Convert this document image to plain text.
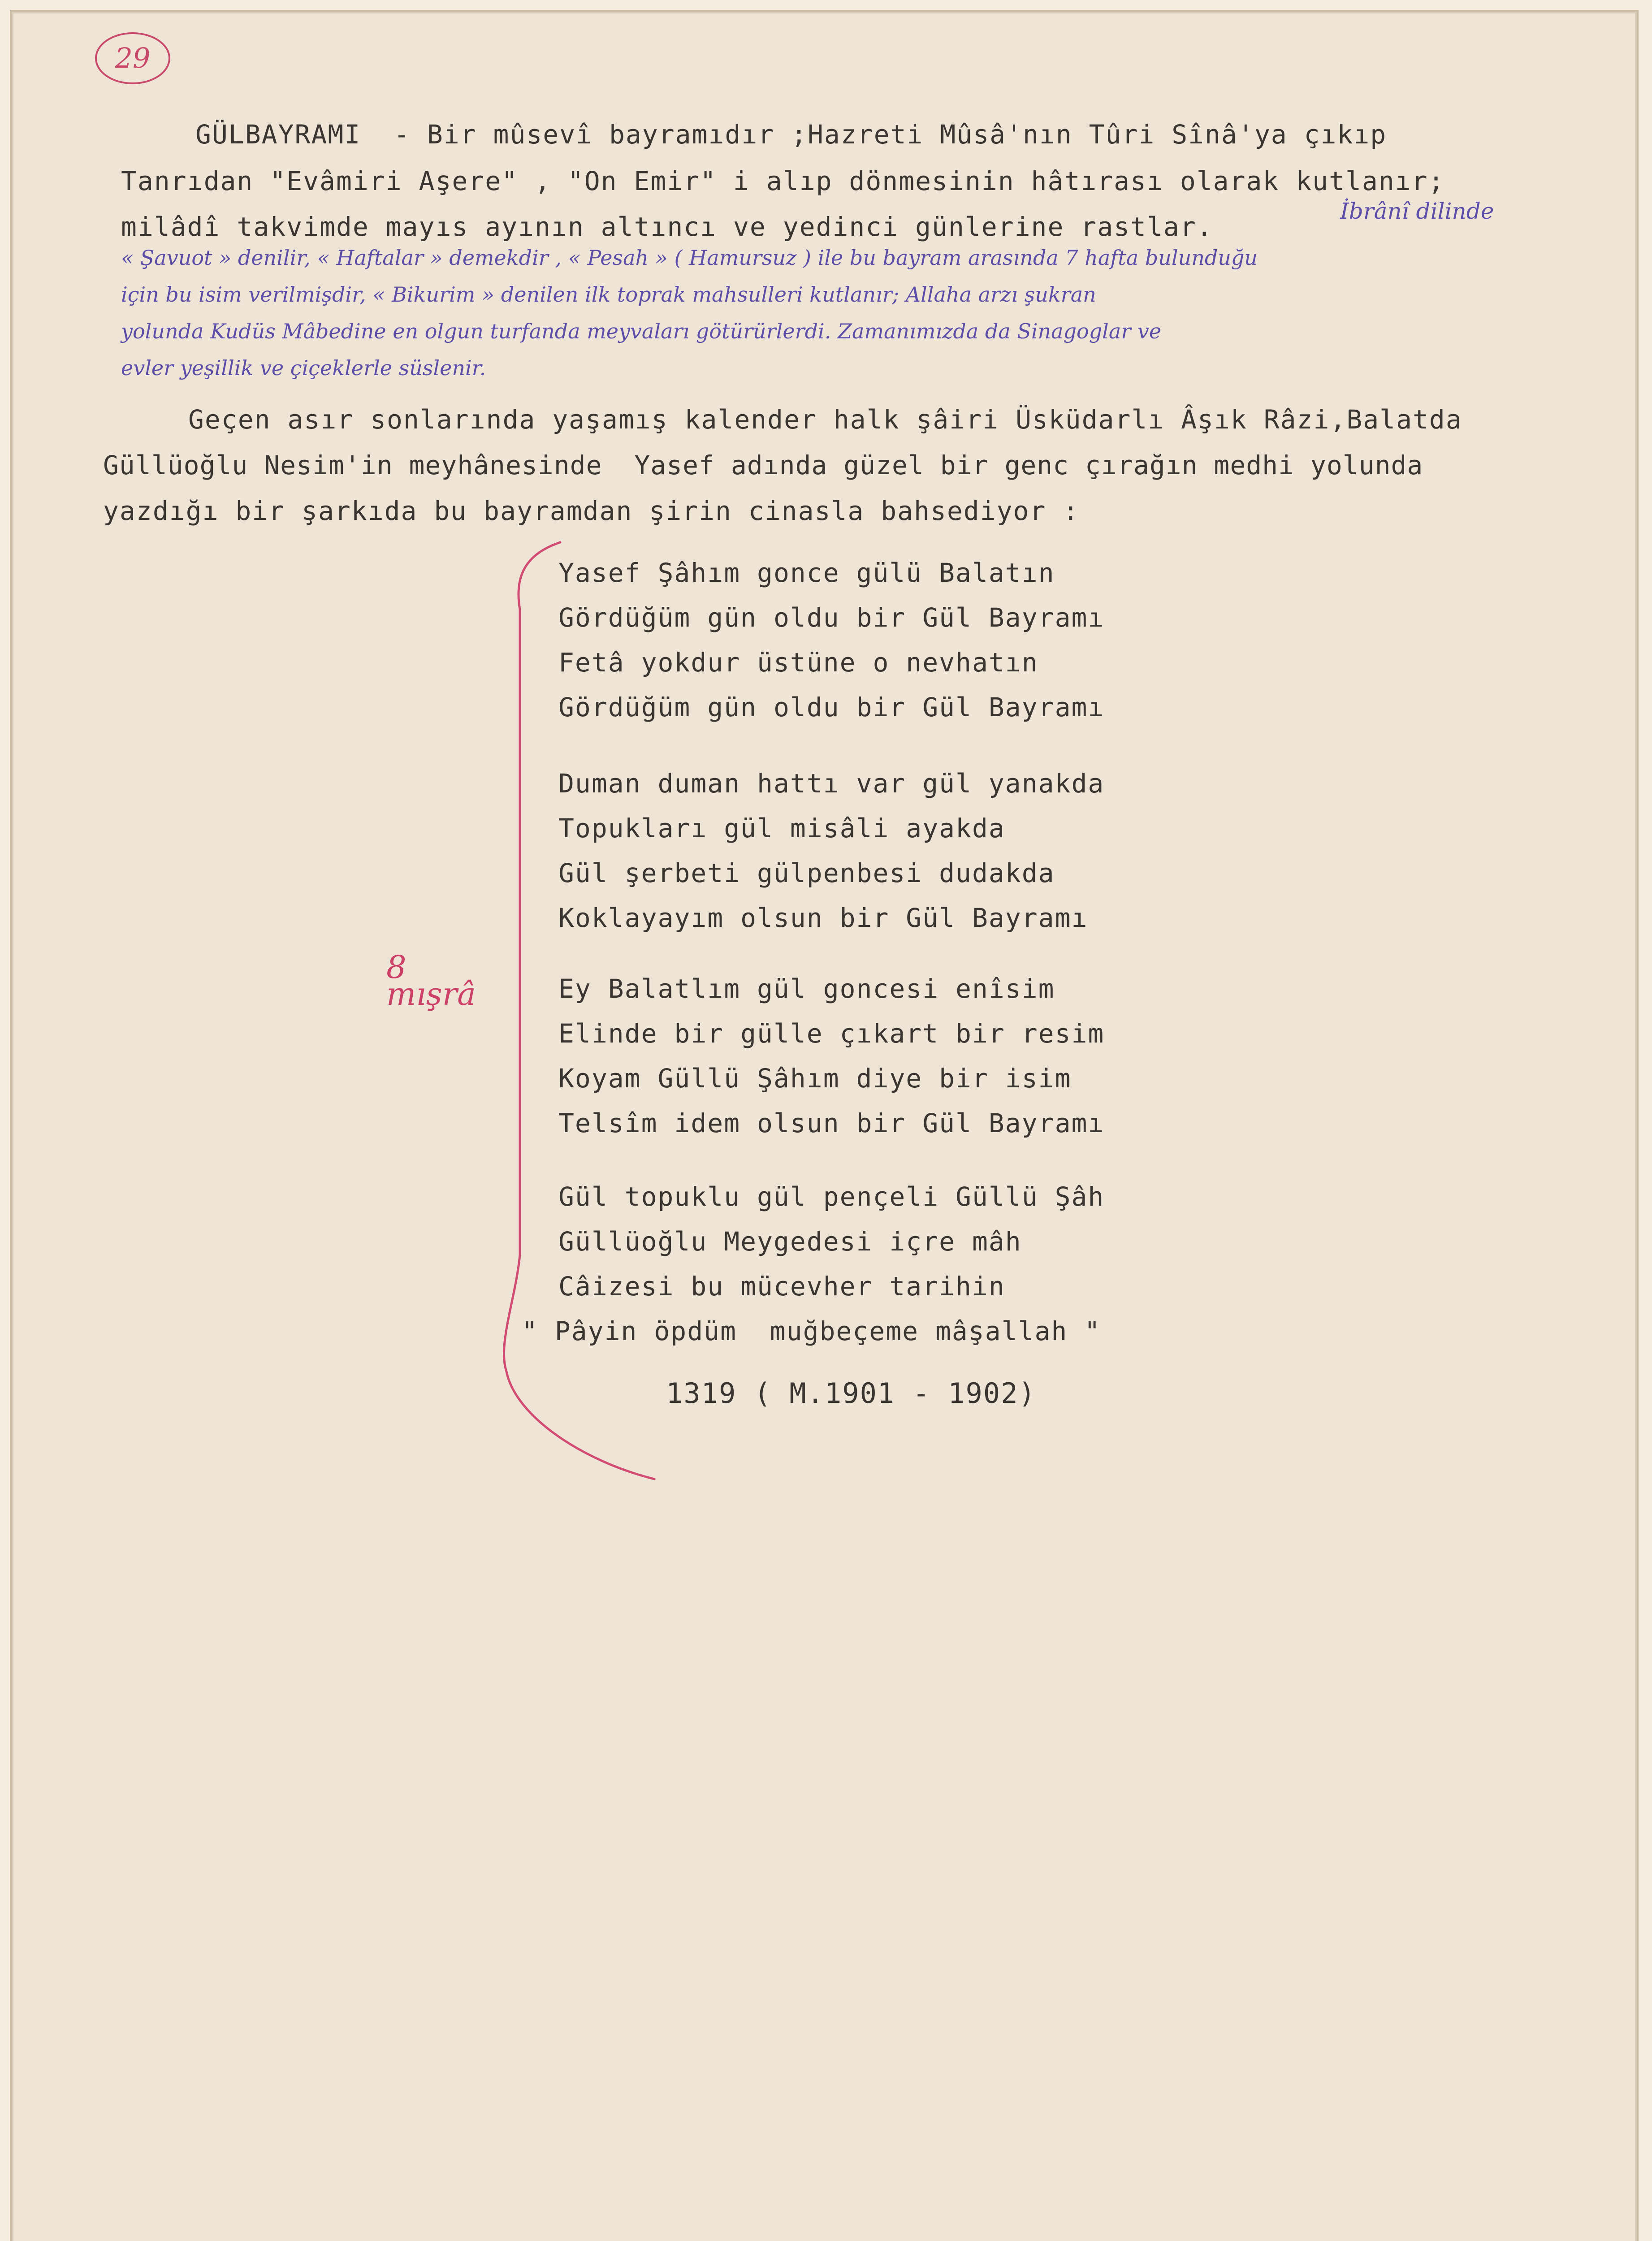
29
GÜLBAYRAMI  - Bir mûsevî bayramıdır ;Hazreti Mûsâ'nın Tûri Sînâ'ya çıkıp
Tanrıdan "Evâmiri Aşere" , "On Emir" i alıp dönmesinin hâtırası olarak kutlanır;
milâdî takvimde mayıs ayının altıncı ve yedinci günlerine rastlar.
İbrânî dilinde
« Şavuot » denilir, « Haftalar » demekdir , « Pesah » ( Hamursuz ) ile bu bayram arasında 7 hafta bulunduğu
için bu isim verilmişdir, « Bikurim » denilen ilk toprak mahsulleri kutlanır; Allaha arzı şukran
yolunda Kudüs Mâbedine en olgun turfanda meyvaları götürürlerdi. Zamanımızda da Sinagoglar ve
evler yeşillik ve çiçeklerle süslenir.
Geçen asır sonlarında yaşamış kalender halk şâiri Üsküdarlı Âşık Râzi,Balatda
Güllüoğlu Nesim'in meyhânesinde  Yasef adında güzel bir genc çırağın medhi yolunda
yazdığı bir şarkıda bu bayramdan şirin cinasla bahsediyor :
8
mışrâ
Yasef Şâhım gonce gülü Balatın
Gördüğüm gün oldu bir Gül Bayramı
Fetâ yokdur üstüne o nevhatın
Gördüğüm gün oldu bir Gül Bayramı
Duman duman hattı var gül yanakda
Topukları gül misâli ayakda
Gül şerbeti gülpenbesi dudakda
Koklayayım olsun bir Gül Bayramı
Ey Balatlım gül goncesi enîsim
Elinde bir gülle çıkart bir resim
Koyam Güllü Şâhım diye bir isim
Telsîm idem olsun bir Gül Bayramı
Gül topuklu gül pençeli Güllü Şâh
Güllüoğlu Meygedesi içre mâh
Câizesi bu mücevher tarihin
" Pâyin öpdüm  muğbeçeme mâşallah "
1319 ( M.1901 - 1902)
